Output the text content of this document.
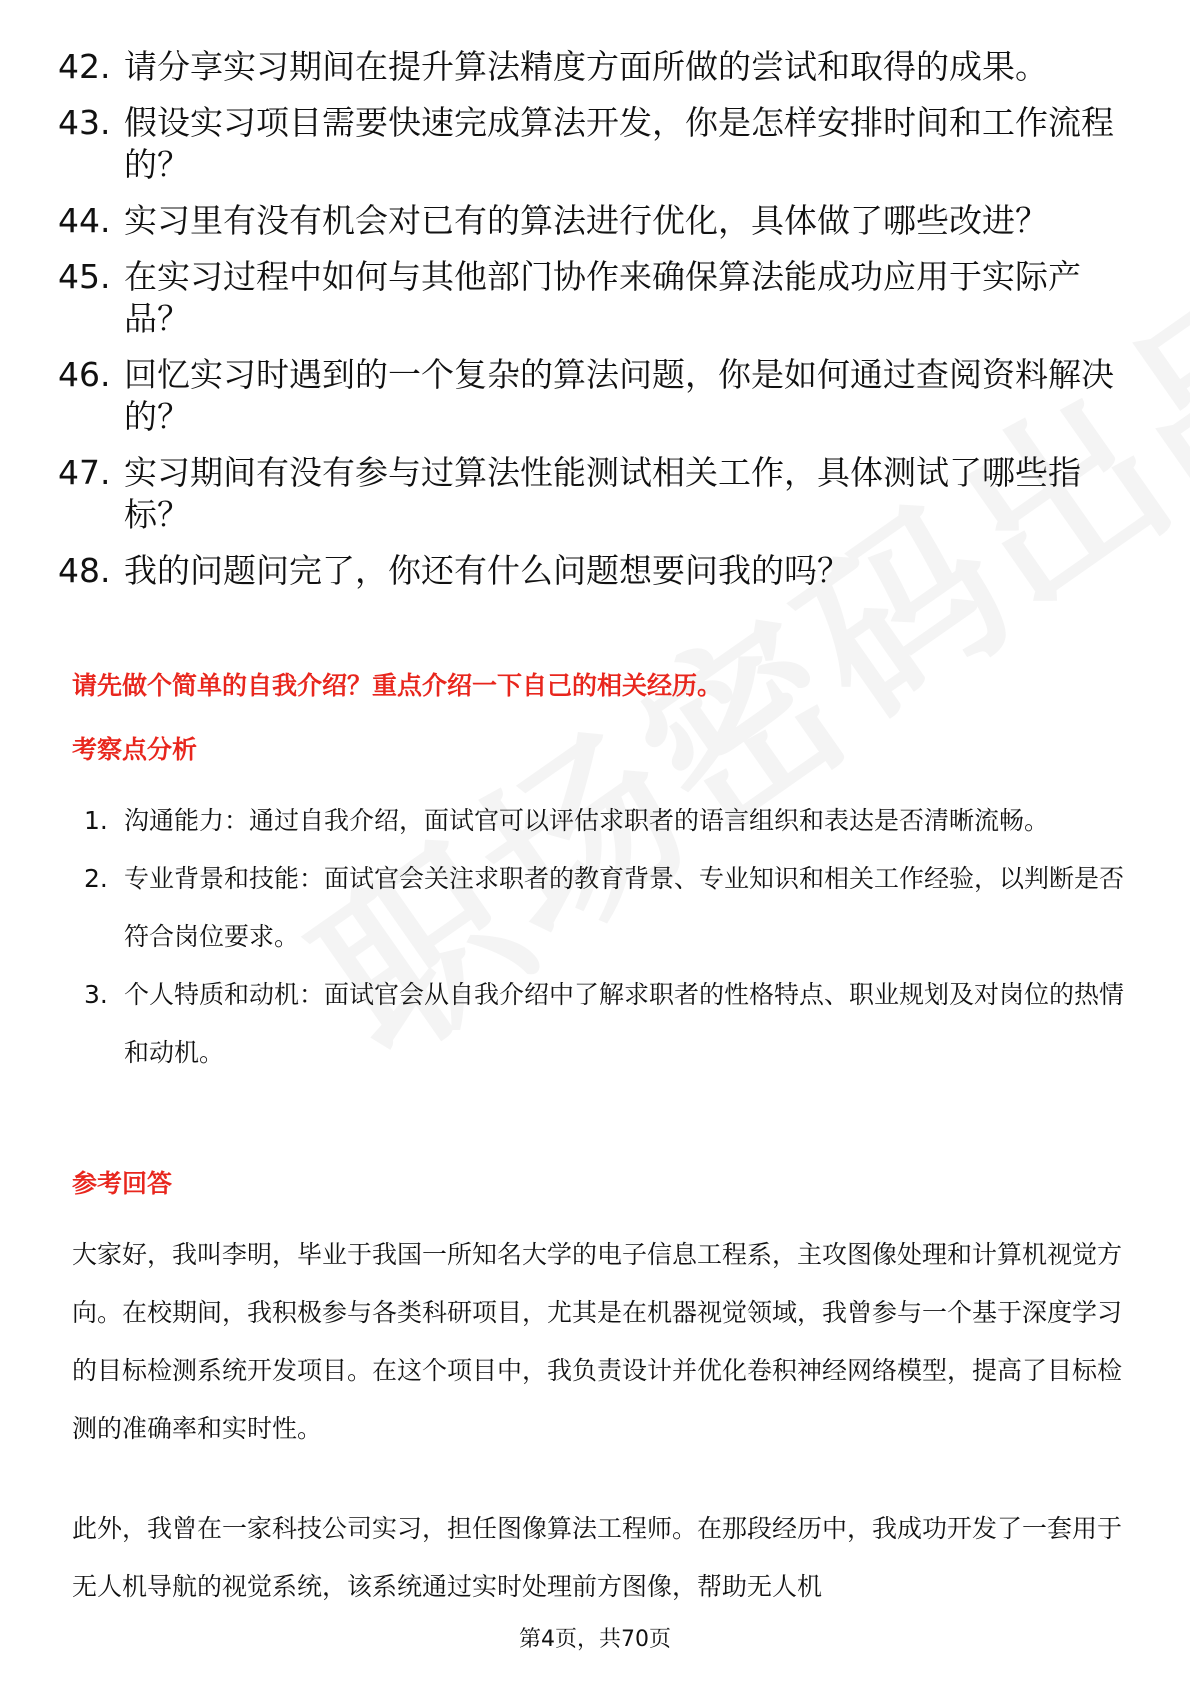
42. 请分享实习期间在提升算法精度方面所做的尝试和取得的成果。
43. 假设实习项目需要快速完成算法开发，你是怎样安排时间和工作流程的？
44. 实习里有没有机会对已有的算法进行优化，具体做了哪些改进？
45. 在实习过程中如何与其他部门协作来确保算法能成功应用于实际产品？
46. 回忆实习时遇到的一个复杂的算法问题，你是如何通过查阅资料解决的？
47. 实习期间有没有参与过算法性能测试相关工作，具体测试了哪些指标？
48. 我的问题问完了，你还有什么问题想要问我的吗？
请先做个简单的自我介绍？重点介绍一下自己的相关经历。
考察点分析
1. 沟通能力：通过自我介绍，面试官可以评估求职者的语言组织和表达是否清晰流畅。
2. 专业背景和技能：面试官会关注求职者的教育背景、专业知识和相关工作经验，以判断是否符合岗位要求。
3. 个人特质和动机：面试官会从自我介绍中了解求职者的性格特点、职业规划及对岗位的热情和动机。
参考回答

大家好，我叫李明，毕业于我国一所知名大学的电子信息工程系，主攻图像处理和计算机视觉方向。在校期间，我积极参与各类科研项目，尤其是在机器视觉领域，我曾参与一个基于深度学习的目标检测系统开发项目。在这个项目中，我负责设计并优化卷积神经网络模型，提高了目标检测的准确率和实时性。

此外，我曾在一家科技公司实习，担任图像算法工程师。在那段经历中，我成功开发了一套用于无人机导航的视觉系统，该系统通过实时处理前方图像，帮助无人机

第4页，共70页
